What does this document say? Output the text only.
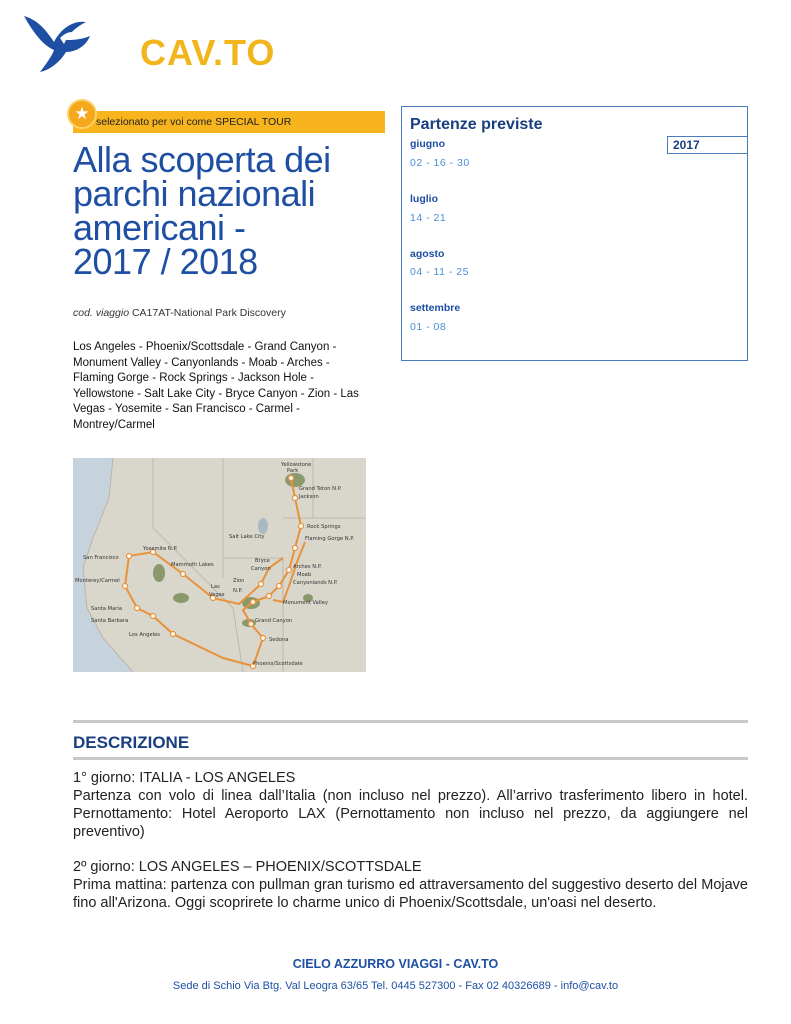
CAV.TO
★ selezionato per voi come SPECIAL TOUR
Alla scoperta dei
parchi nazionali
americani -
2017 / 2018
cod. viaggio CA17AT-National Park Discovery
Los Angeles - Phoenix/Scottsdale - Grand Canyon -
Monument Valley - Canyonlands - Moab - Arches -
Flaming Gorge - Rock Springs - Jackson Hole -
Yellowstone - Salt Lake City - Bryce Canyon - Zion - Las
Vegas - Yosemite - San Francisco - Carmel -
Montrey/Carmel
Yellowstone
Park
Grand Teton N.P.
Jackson
Rock Springs
Flaming Gorge N.P.
Salt Lake City
Yosemite N.P.
San Francisco
Mammoth Lakes
Bryce
Canyon	Arches N.P.
Moab
Canyonlands N.P.
Zion
N.P.
Monterey/Carmel
Las
Vegas
Monument Valley
Santa Maria
Santa Barbara	Grand Canyon
Los Angeles
Sedona
Phoenix/Scottsdale
Partenze previste
2017
giugno
02 - 16 - 30
luglio
14 - 21
agosto
04 - 11 - 25
settembre
01 - 08
DESCRIZIONE
1° giorno: ITALIA - LOS ANGELES
Partenza con volo di linea dall’Italia (non incluso nel prezzo). All’arrivo trasferimento libero in hotel. Pernottamento: Hotel Aeroporto LAX (Pernottamento non incluso nel prezzo, da aggiungere nel preventivo)
2º giorno: LOS ANGELES – PHOENIX/SCOTTSDALE
Prima mattina: partenza con pullman gran turismo ed attraversamento del suggestivo deserto del Mojave fino all'Arizona. Oggi scoprirete lo charme unico di Phoenix/Scottsdale, un'oasi nel deserto.
CIELO AZZURRO VIAGGI - CAV.TO
Sede di Schio Via Btg. Val Leogra 63/65 Tel. 0445 527300 - Fax 02 40326689 - info@cav.to
